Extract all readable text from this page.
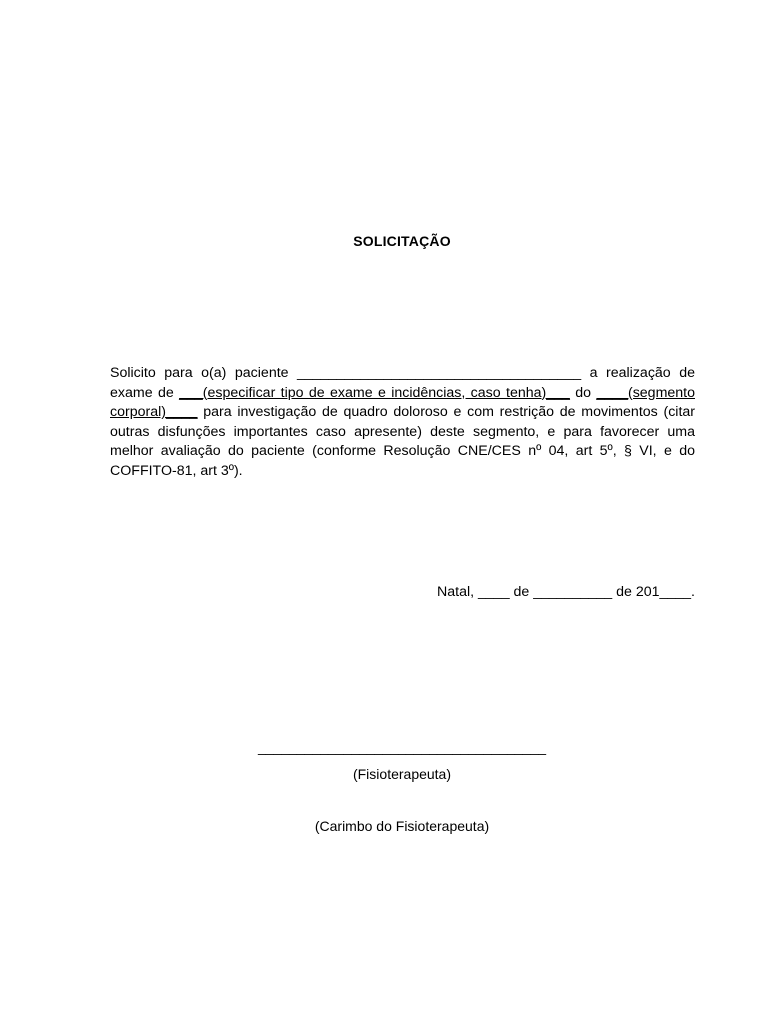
SOLICITAÇÃO
Solicito para o(a) paciente ____________________________________ a realização de exame de ___(especificar tipo de exame e incidências, caso tenha)___ do ____(segmento corporal)____ para investigação de quadro doloroso e com restrição de movimentos (citar outras disfunções importantes caso apresente) deste segmento, e para favorecer uma melhor avaliação do paciente (conforme Resolução CNE/CES nº 04, art 5º, § VI, e do COFFITO-81, art 3º).
Natal, ____ de __________ de 201____.
_____________________________________
(Fisioterapeuta)
(Carimbo do Fisioterapeuta)
